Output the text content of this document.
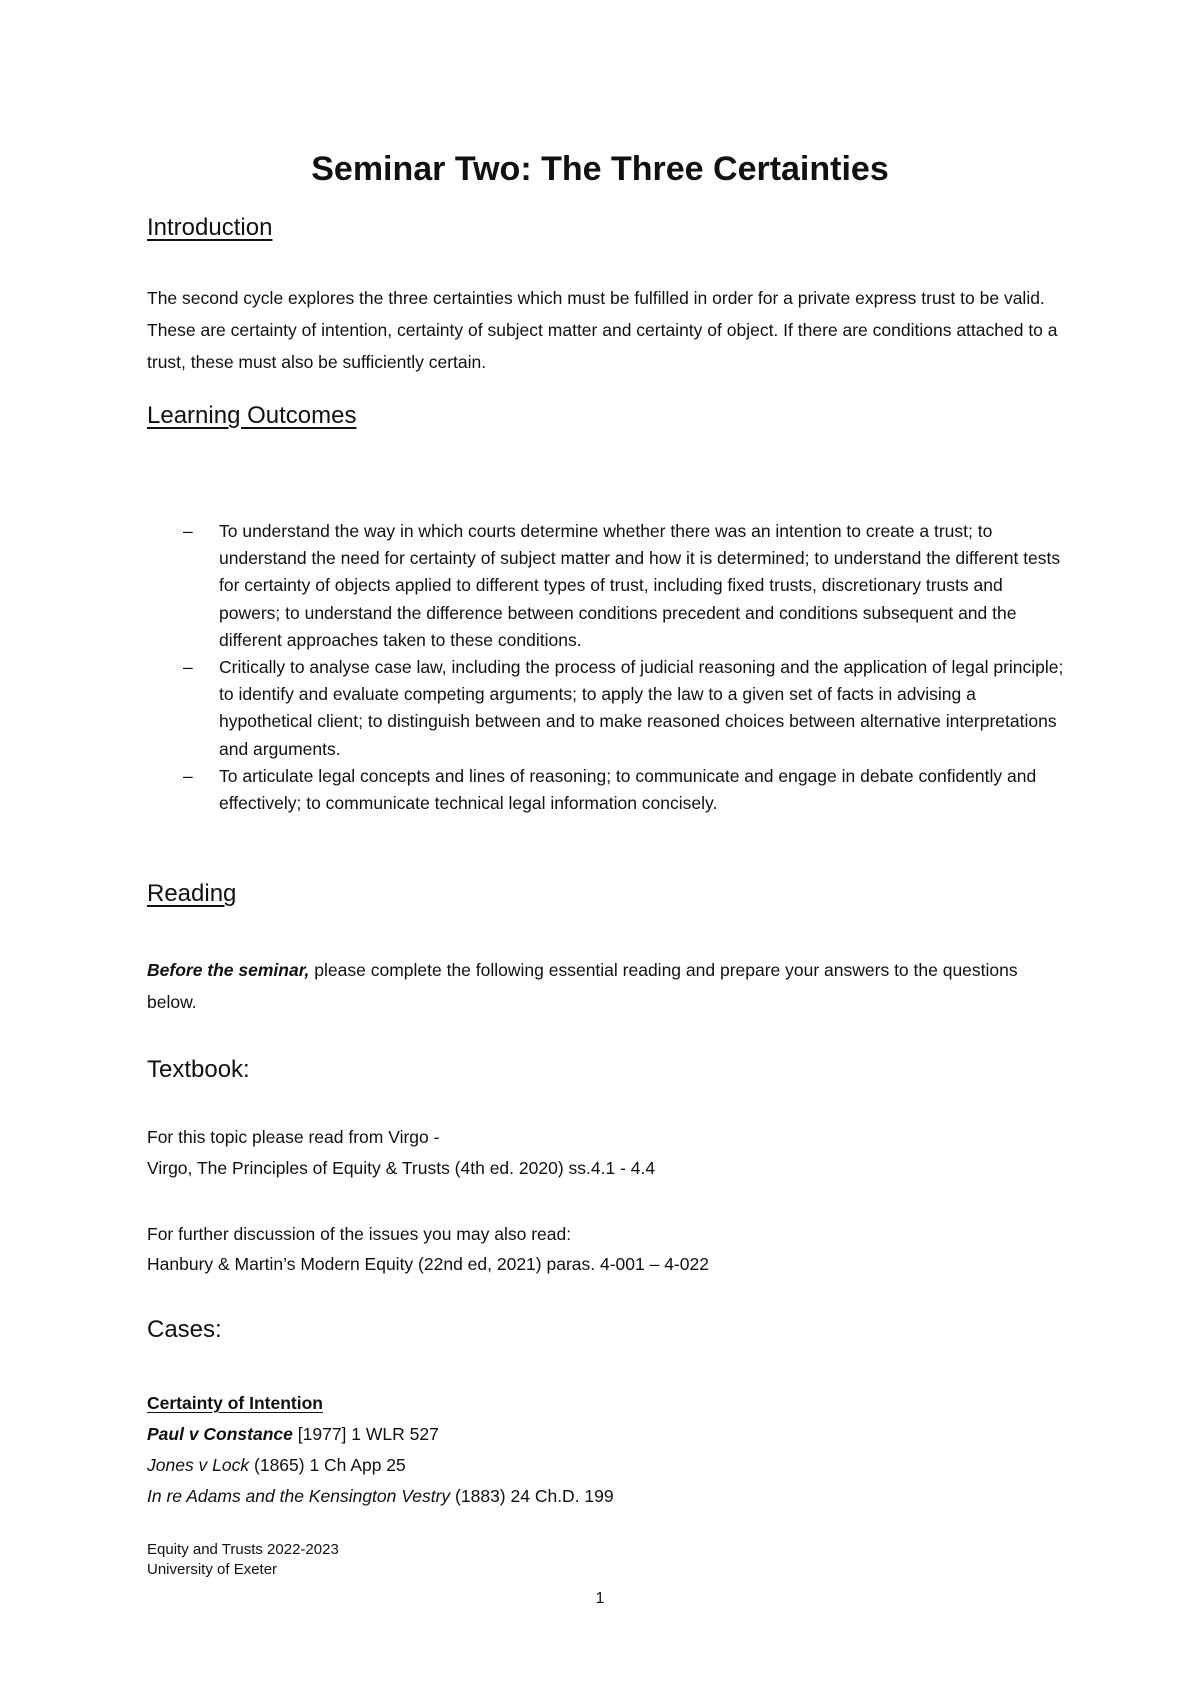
Seminar Two: The Three Certainties
Introduction

The second cycle explores the three certainties which must be fulfilled in order for a private express trust to be valid. These are certainty of intention, certainty of subject matter and certainty of object. If there are conditions attached to a trust, these must also be sufficiently certain.

Learning Outcomes
– To understand the way in which courts determine whether there was an intention to create a trust; to understand the need for certainty of subject matter and how it is determined; to understand the different tests for certainty of objects applied to different types of trust, including fixed trusts, discretionary trusts and powers; to understand the difference between conditions precedent and conditions subsequent and the different approaches taken to these conditions.
– Critically to analyse case law, including the process of judicial reasoning and the application of legal principle; to identify and evaluate competing arguments; to apply the law to a given set of facts in advising a hypothetical client; to distinguish between and to make reasoned choices between alternative interpretations and arguments.
– To articulate legal concepts and lines of reasoning; to communicate and engage in debate confidently and effectively; to communicate technical legal information concisely.
Reading

Before the seminar, please complete the following essential reading and prepare your answers to the questions below.

Textbook:

For this topic please read from Virgo -

Virgo, The Principles of Equity & Trusts (4th ed. 2020) ss.4.1 - 4.4

For further discussion of the issues you may also read:

Hanbury & Martin’s Modern Equity (22nd ed, 2021) paras. 4-001 – 4-022

Cases:

Certainty of Intention

Paul v Constance [1977] 1 WLR 527

Jones v Lock (1865) 1 Ch App 25

In re Adams and the Kensington Vestry (1883) 24 Ch.D. 199

Equity and Trusts 2022-2023
University of Exeter
1
